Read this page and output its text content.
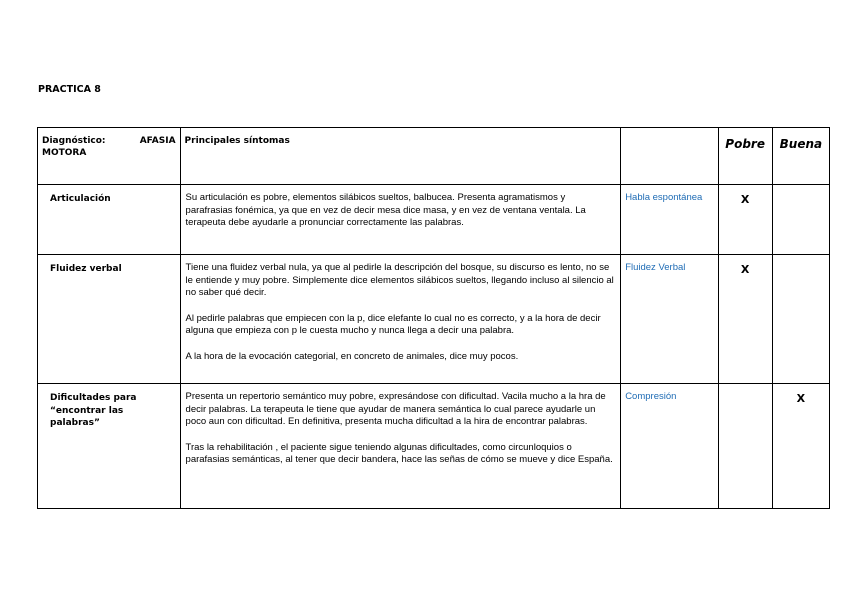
PRACTICA 8
Diagnóstico: AFASIA
MOTORA	Principales síntomas		Pobre	Buena

Articulación	Su articulación es pobre, elementos silábicos sueltos, balbucea. Presenta agramatismos y parafrasias fonémica, ya que en vez de decir mesa dice masa, y en vez de ventana ventala. La terapeuta debe ayudarle a pronunciar correctamente las palabras.	Habla espontánea	X	

Fluidez verbal	Tiene una fluidez verbal nula, ya que al pedirle la descripción del bosque, su discurso es lento, no se le entiende y muy pobre. Simplemente dice elementos silábicos sueltos, llegando incluso al silencio al no saber qué decir.

Al pedirle palabras que empiecen con la p, dice elefante lo cual no es correcto, y a la hora de decir alguna que empieza con p le cuesta mucho y nunca llega a decir una palabra.

A la hora de la evocación categorial, en concreto de animales, dice muy pocos.	Fluidez Verbal	X	

Dificultades para “encontrar las palabras”	Presenta un repertorio semántico muy pobre, expresándose con dificultad. Vacila mucho a la hra de decir palabras. La terapeuta le tiene que ayudar de manera semántica lo cual parece ayudarle un poco aun con dificultad. En definitiva, presenta mucha dificultad a la hira de encontrar palabras.

Tras la rehabilitación , el paciente sigue teniendo algunas dificultades, como circunloquios o parafasias semánticas, al tener que decir bandera, hace las señas de cómo se mueve y dice España.	Compresión		X
